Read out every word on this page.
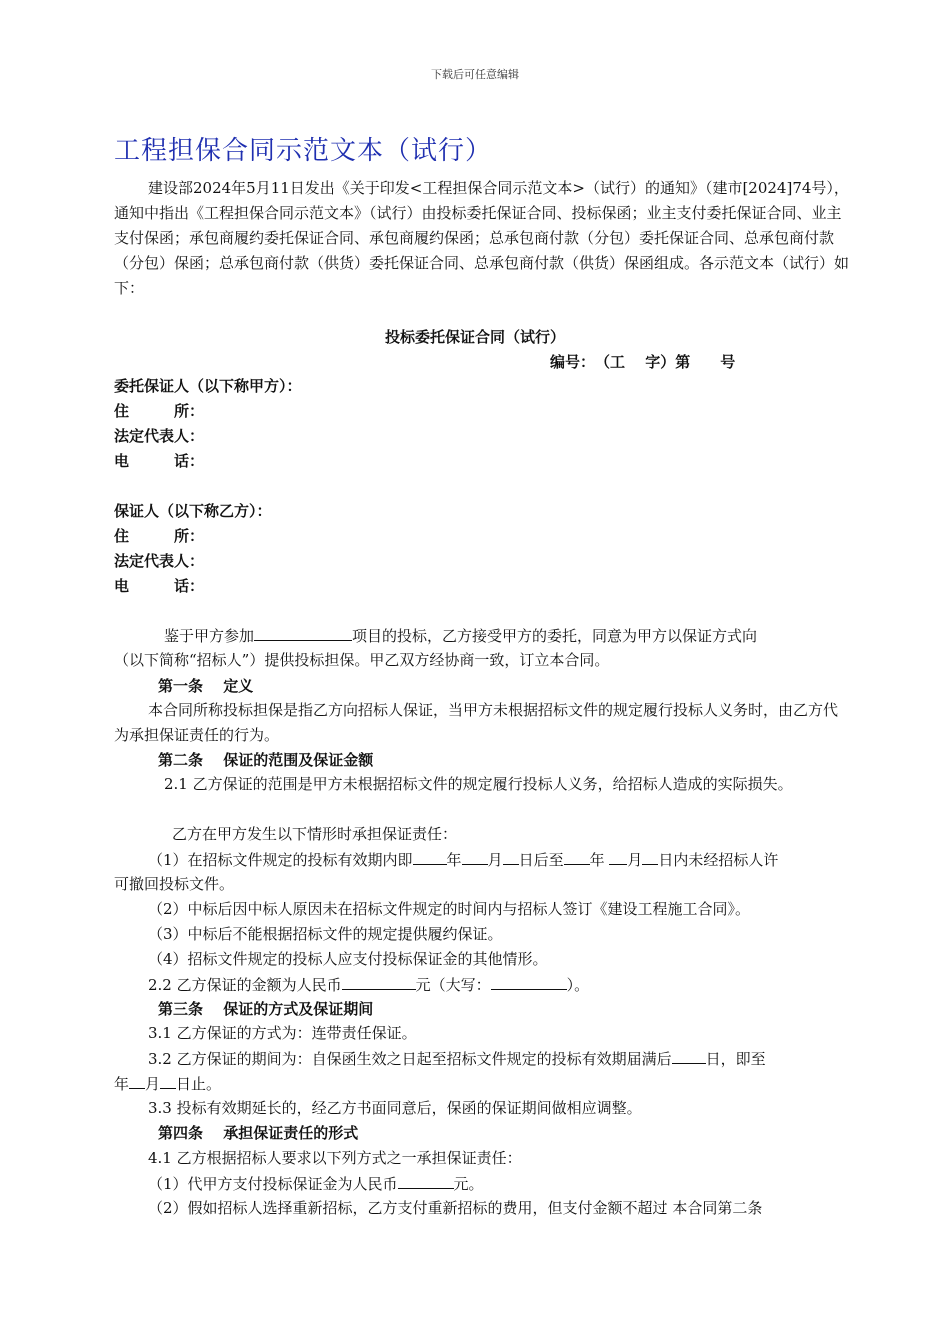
下载后可任意编辑
工程担保合同示范文本（试行）
建设部2024年5月11日发出《关于印发<工程担保合同示范文本>（试行）的通知》（建市[2024]74号），通知中指出《工程担保合同示范文本》（试行）由投标委托保证合同、投标保函；业主支付委托保证合同、业主支付保函；承包商履约委托保证合同、承包商履约保函；总承包商付款（分包）委托保证合同、总承包商付款（分包）保函；总承包商付款（供货）委托保证合同、总承包商付款（供货）保函组成。各示范文本（试行）如下：
投标委托保证合同（试行）
编号：　（工　 字）第　　号
委托保证人（以下称甲方）：
住　　　所：
法定代表人：
电　　　话：
保证人（以下称乙方）：
住　　　所：
法定代表人：
电　　　话：
鉴于甲方参加	项目的投标，乙方接受甲方的委托，同意为甲方以保证方式向
（以下简称“招标人”）提供投标担保。甲乙双方经协商一致，订立本合同。
第一条　 定义
本合同所称投标担保是指乙方向招标人保证，当甲方未根据招标文件的规定履行投标人义务时，由乙方代为承担保证责任的行为。
第二条　 保证的范围及保证金额
2.1 乙方保证的范围是甲方未根据招标文件的规定履行投标人义务，给招标人造成的实际损失。
乙方在甲方发生以下情形时承担保证责任：
（1）在招标文件规定的投标有效期内即 年 月 日后至 年 月 日内未经招标人许
可撤回投标文件。
（2）中标后因中标人原因未在招标文件规定的时间内与招标人签订《建设工程施工合同》。
（3）中标后不能根据招标文件的规定提供履约保证。
（4）招标文件规定的投标人应支付投标保证金的其他情形。
2.2 乙方保证的金额为人民币	元（大写：	）。
第三条　 保证的方式及保证期间
3.1 乙方保证的方式为：连带责任保证。
3.2 乙方保证的期间为：自保函生效之日起至招标文件规定的投标有效期届满后 日，即至
年 月 日止。
3.3 投标有效期延长的，经乙方书面同意后，保函的保证期间做相应调整。
第四条　 承担保证责任的形式
4.1 乙方根据招标人要求以下列方式之一承担保证责任：
（1）代甲方支付投标保证金为人民币	元。
（2）假如招标人选择重新招标，乙方支付重新招标的费用，但支付金额不超过 本合同第二条
